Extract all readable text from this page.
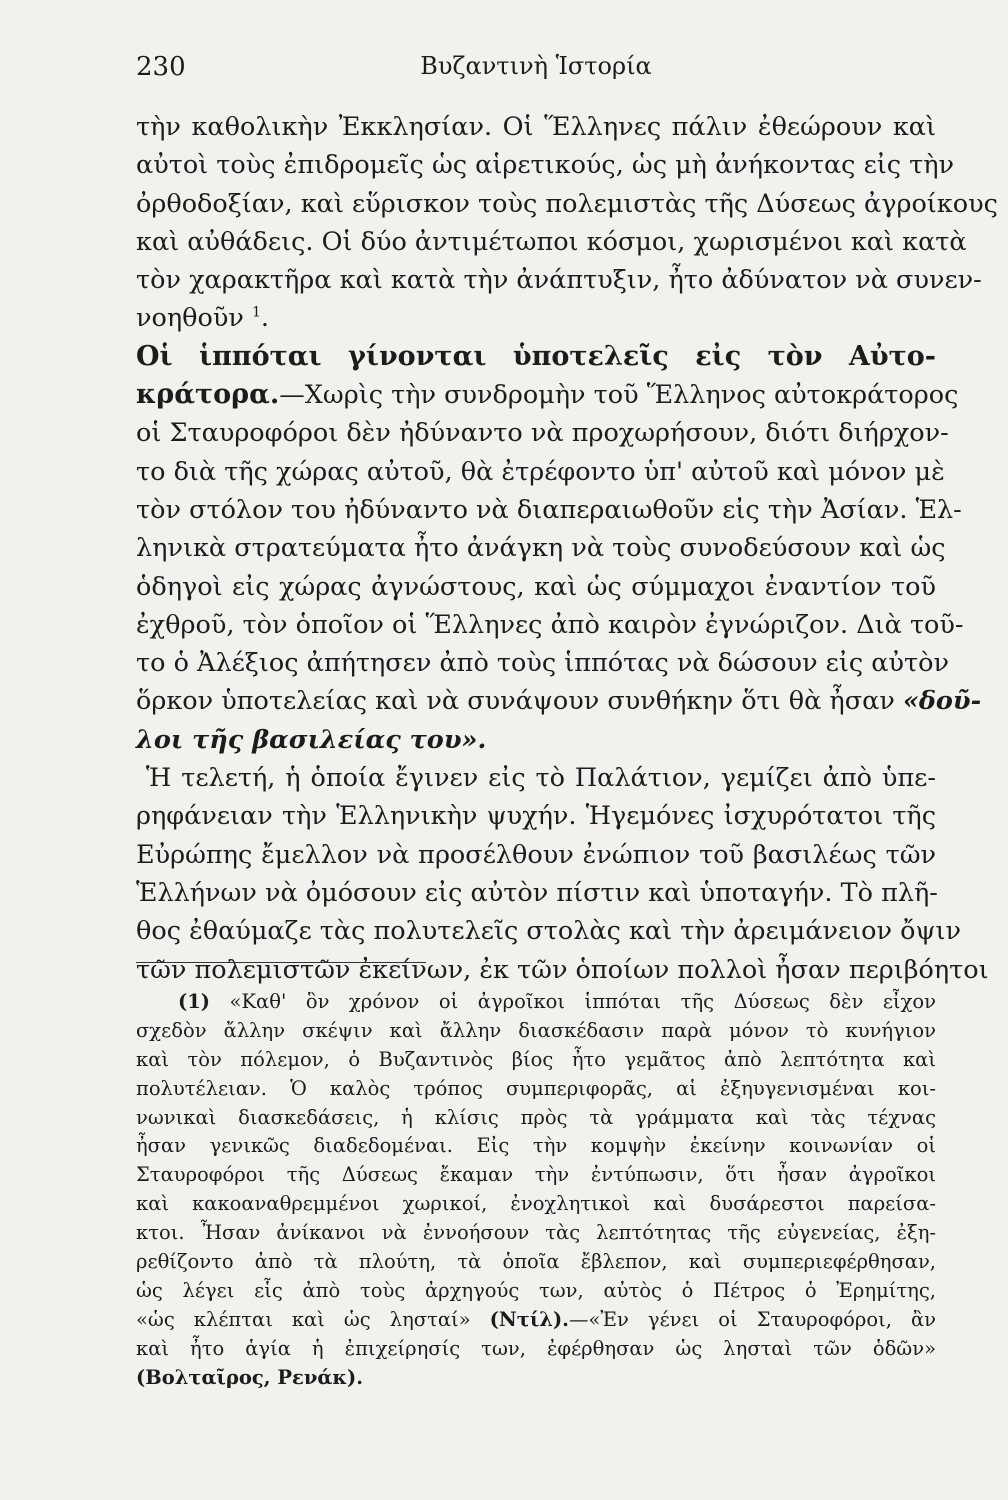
230	Βυζαντινὴ Ἱστορία
τὴν καθολικὴν Ἐκκλησίαν. Οἱ Ἕλληνες πάλιν ἐθεώρουν καὶ
αὐτοὶ τοὺς ἐπιδρομεῖς ὡς αἱρετικούς, ὡς μὴ ἀνήκοντας εἰς τὴν
ὀρθοδοξίαν, καὶ εὕρισκον τοὺς πολεμιστὰς τῆς Δύσεως ἀγροίκους
καὶ αὐθάδεις. Οἱ δύο ἀντιμέτωποι κόσμοι, χωρισμένοι καὶ κατὰ
τὸν χαρακτῆρα καὶ κατὰ τὴν ἀνάπτυξιν, ἦτο ἀδύνατον νὰ συνεν-
νοηθοῦν $^1$.
Οἱ ἱππόται γίνονται ὑποτελεῖς εἰς τὸν Αὐτο-
κράτορα.—Χωρὶς τὴν συνδρομὴν τοῦ Ἕλληνος αὐτοκράτορος
οἱ Σταυροφόροι δὲν ἠδύναντο νὰ προχωρήσουν, διότι διήρχον-
το διὰ τῆς χώρας αὐτοῦ, θὰ ἐτρέφοντο ὑπ' αὐτοῦ καὶ μόνον μὲ
τὸν στόλον του ἠδύναντο νὰ διαπεραιωθοῦν εἰς τὴν Ἀσίαν. Ἑλ-
ληνικὰ στρατεύματα ἦτο ἀνάγκη νὰ τοὺς συνοδεύσουν καὶ ὡς
ὁδηγοὶ εἰς χώρας ἀγνώστους, καὶ ὡς σύμμαχοι ἐναντίον τοῦ
ἐχθροῦ, τὸν ὁποῖον οἱ Ἕλληνες ἀπὸ καιρὸν ἐγνώριζον. Διὰ τοῦ-
το ὁ Ἀλέξιος ἀπήτησεν ἀπὸ τοὺς ἱππότας νὰ δώσουν εἰς αὐτὸν
ὅρκον ὑποτελείας καὶ νὰ συνάψουν συνθήκην ὅτι θὰ ἦσαν «δοῦ-
λοι τῆς βασιλείας του».
Ἡ τελετή, ἡ ὁποία ἔγινεν εἰς τὸ Παλάτιον, γεμίζει ἀπὸ ὑπε-
ρηφάνειαν τὴν Ἑλληνικὴν ψυχήν. Ἡγεμόνες ἰσχυρότατοι τῆς
Εὐρώπης ἔμελλον νὰ προσέλθουν ἐνώπιον τοῦ βασιλέως τῶν
Ἑλλήνων νὰ ὀμόσουν εἰς αὐτὸν πίστιν καὶ ὑποταγήν. Τὸ πλῆ-
θος ἐθαύμαζε τὰς πολυτελεῖς στολὰς καὶ τὴν ἀρειμάνειον ὄψιν
τῶν πολεμιστῶν ἐκείνων, ἐκ τῶν ὁποίων πολλοὶ ἦσαν περιβόητοι
(1) «Καθ' ὃν χρόνον οἱ ἀγροῖκοι ἱππόται τῆς Δύσεως δὲν εἶχον
σχεδὸν ἄλλην σκέψιν καὶ ἄλλην διασκέδασιν παρὰ μόνον τὸ κυνήγιον
καὶ τὸν πόλεμον, ὁ Βυζαντινὸς βίος ἦτο γεμᾶτος ἀπὸ λεπτότητα καὶ
πολυτέλειαν. Ὁ καλὸς τρόπος συμπεριφορᾶς, αἱ ἐξηυγενισμέναι κοι-
νωνικαὶ διασκεδάσεις, ἡ κλίσις πρὸς τὰ γράμματα καὶ τὰς τέχνας
ἦσαν γενικῶς διαδεδομέναι. Εἰς τὴν κομψὴν ἐκείνην κοινωνίαν οἱ
Σταυροφόροι τῆς Δύσεως ἔκαμαν τὴν ἐντύπωσιν, ὅτι ἦσαν ἀγροῖκοι
καὶ κακοαναθρεμμένοι χωρικοί, ἐνοχλητικοὶ καὶ δυσάρεστοι παρείσα-
κτοι. Ἦσαν ἀνίκανοι νὰ ἐννοήσουν τὰς λεπτότητας τῆς εὐγενείας, ἐξη-
ρεθίζοντο ἀπὸ τὰ πλούτη, τὰ ὁποῖα ἔβλεπον, καὶ συμπεριεφέρθησαν,
ὡς λέγει εἷς ἀπὸ τοὺς ἀρχηγούς των, αὐτὸς ὁ Πέτρος ὁ Ἐρημίτης,
«ὡς κλέπται καὶ ὡς λησταί» (Ντίλ).—«Ἐν γένει οἱ Σταυροφόροι, ἂν
καὶ ἦτο ἁγία ἡ ἐπιχείρησίς των, ἐφέρθησαν ὡς λησταὶ τῶν ὁδῶν»
(Βολταῖρος, Ρενάκ).
